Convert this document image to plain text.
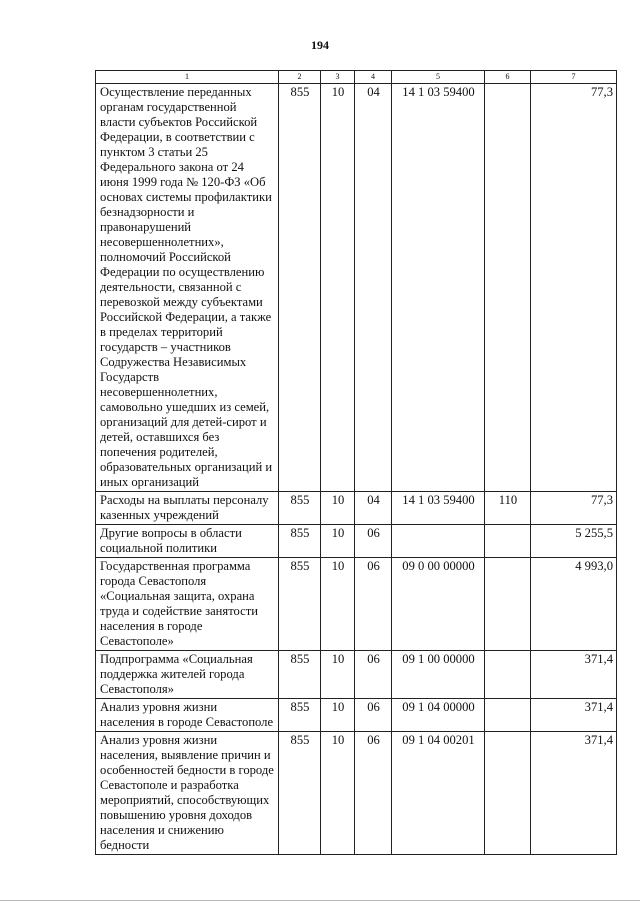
194
1	2	3	4	5	6	7
Осуществление переданных органам государственной власти субъектов Российской Федерации, в соответствии с пунктом 3 статьи 25 Федерального закона от 24 июня 1999 года № 120-ФЗ «Об основах системы профилактики безнадзорности и правонарушений несовершеннолетних», полномочий Российской Федерации по осуществлению деятельности, связанной с перевозкой между субъектами Российской Федерации, а также в пределах территорий государств – участников Содружества Независимых Государств несовершеннолетних, самовольно ушедших из семей, организаций для детей-сирот и детей, оставшихся без попечения родителей, образовательных организаций и иных организаций	855	10	04	14 1 03 59400		77,3
Расходы на выплаты персоналу казенных учреждений	855	10	04	14 1 03 59400	110	77,3
Другие вопросы в области социальной политики	855	10	06			5 255,5
Государственная программа города Севастополя «Социальная защита, охрана труда и содействие занятости населения в городе Севастополе»	855	10	06	09 0 00 00000		4 993,0
Подпрограмма «Социальная поддержка жителей города Севастополя»	855	10	06	09 1 00 00000		371,4
Анализ уровня жизни населения в городе Севастополе	855	10	06	09 1 04 00000		371,4
Анализ уровня жизни населения, выявление причин и особенностей бедности в городе Севастополе и разработка мероприятий, способствующих повышению уровня доходов населения и снижению бедности	855	10	06	09 1 04 00201		371,4
